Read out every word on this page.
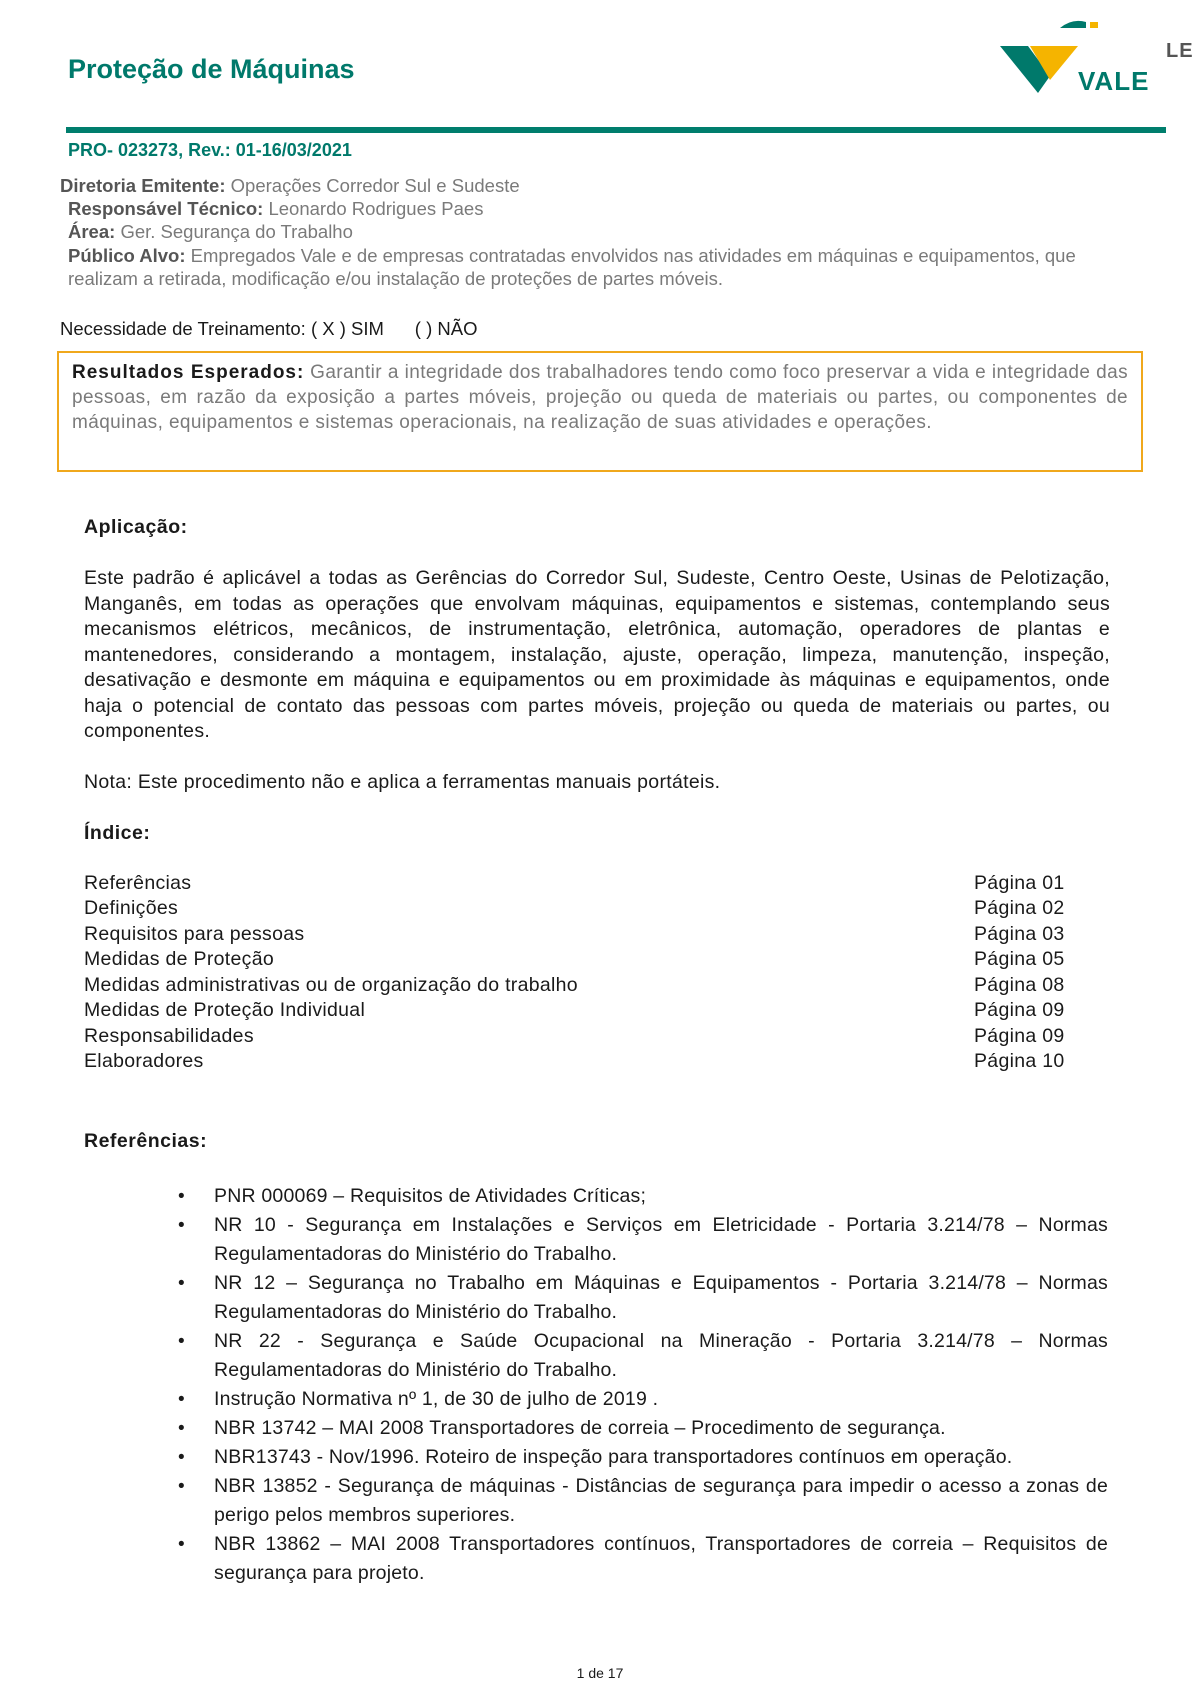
Proteção de Máquinas	VALE
LE
PRO- 023273, Rev.: 01-16/03/2021
Diretoria Emitente: Operações Corredor Sul e Sudeste
Responsável Técnico: Leonardo Rodrigues Paes
Área: Ger. Segurança do Trabalho
Público Alvo: Empregados Vale e de empresas contratadas envolvidos nas atividades em máquinas e equipamentos, que realizam a retirada, modificação e/ou instalação de proteções de partes móveis.
Necessidade de Treinamento: ( X ) SIM ( ) NÃO
Resultados Esperados: Garantir a integridade dos trabalhadores tendo como foco preservar a vida e integridade das pessoas, em razão da exposição a partes móveis, projeção ou queda de materiais ou partes, ou componentes de máquinas, equipamentos e sistemas operacionais, na realização de suas atividades e operações.
Aplicação:
Este padrão é aplicável a todas as Gerências do Corredor Sul, Sudeste, Centro Oeste, Usinas de Pelotização, Manganês, em todas as operações que envolvam máquinas, equipamentos e sistemas, contemplando seus mecanismos elétricos, mecânicos, de instrumentação, eletrônica, automação, operadores de plantas e mantenedores, considerando a montagem, instalação, ajuste, operação, limpeza, manutenção, inspeção, desativação e desmonte em máquina e equipamentos ou em proximidade às máquinas e equipamentos, onde haja o potencial de contato das pessoas com partes móveis, projeção ou queda de materiais ou partes, ou componentes.
Nota: Este procedimento não e aplica a ferramentas manuais portáteis.
Índice:
Referências	Página 01
Definições	Página 02
Requisitos para pessoas	Página 03
Medidas de Proteção	Página 05
Medidas administrativas ou de organização do trabalho	Página 08
Medidas de Proteção Individual	Página 09
Responsabilidades	Página 09
Elaboradores	Página 10
Referências:
• PNR 000069 – Requisitos de Atividades Críticas;
• NR 10 - Segurança em Instalações e Serviços em Eletricidade - Portaria 3.214/78 – Normas Regulamentadoras do Ministério do Trabalho.
• NR 12 – Segurança no Trabalho em Máquinas e Equipamentos - Portaria 3.214/78 – Normas Regulamentadoras do Ministério do Trabalho.
• NR 22 - Segurança e Saúde Ocupacional na Mineração - Portaria 3.214/78 – Normas Regulamentadoras do Ministério do Trabalho.
• Instrução Normativa nº 1, de 30 de julho de 2019 .
• NBR 13742 – MAI 2008 Transportadores de correia – Procedimento de segurança.
• NBR13743 - Nov/1996. Roteiro de inspeção para transportadores contínuos em operação.
• NBR 13852 - Segurança de máquinas - Distâncias de segurança para impedir o acesso a zonas de perigo pelos membros superiores.
• NBR 13862 – MAI 2008 Transportadores contínuos, Transportadores de correia – Requisitos de segurança para projeto.
1 de 17
